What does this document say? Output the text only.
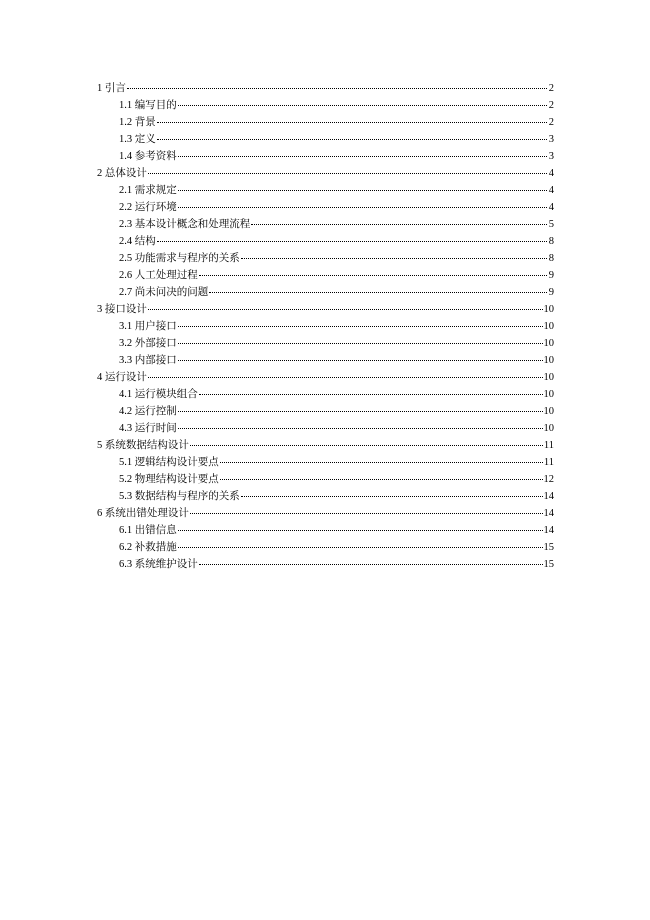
1 引言	2
1.1 编写目的	2
1.2 背景	2
1.3 定义	3
1.4 参考资料	3
2 总体设计	4
2.1 需求规定	4
2.2 运行环境	4
2.3 基本设计概念和处理流程	5
2.4 结构	8
2.5 功能需求与程序的关系	8
2.6 人工处理过程	9
2.7 尚未问决的问题	9
3 接口设计	10
3.1 用户接口	10
3.2 外部接口	10
3.3 内部接口	10
4 运行设计	10
4.1 运行模块组合	10
4.2 运行控制	10
4.3 运行时间	10
5 系统数据结构设计	11
5.1 逻辑结构设计要点	11
5.2 物理结构设计要点	12
5.3 数据结构与程序的关系	14
6 系统出错处理设计	14
6.1 出错信息	14
6.2 补救措施	15
6.3 系统维护设计	15
